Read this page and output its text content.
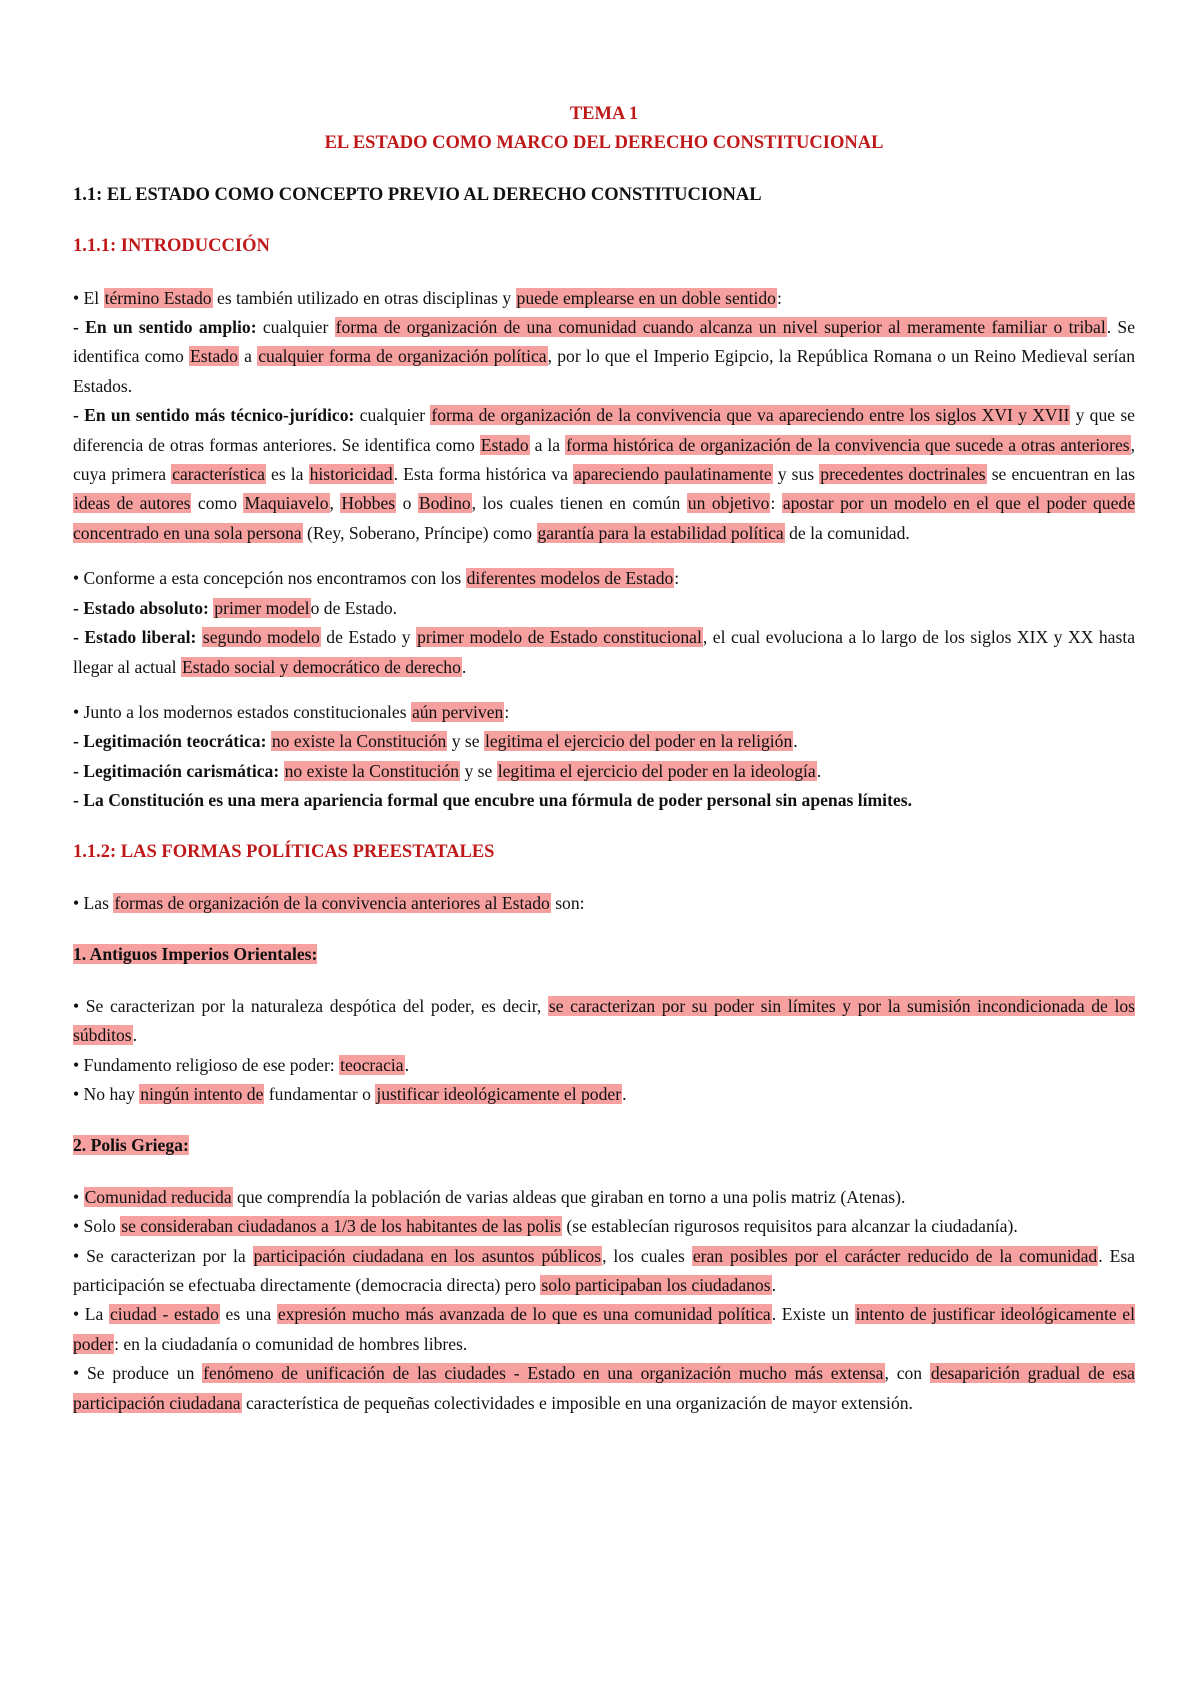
TEMA 1
EL ESTADO COMO MARCO DEL DERECHO CONSTITUCIONAL
1.1: EL ESTADO COMO CONCEPTO PREVIO AL DERECHO CONSTITUCIONAL
1.1.1: INTRODUCCIÓN

• El término Estado es también utilizado en otras disciplinas y puede emplearse en un doble sentido:

- En un sentido amplio: cualquier forma de organización de una comunidad cuando alcanza un nivel superior al meramente familiar o tribal. Se identifica como Estado a cualquier forma de organización política, por lo que el Imperio Egipcio, la República Romana o un Reino Medieval serían Estados.

- En un sentido más técnico-jurídico: cualquier forma de organización de la convivencia que va apareciendo entre los siglos XVI y XVII y que se diferencia de otras formas anteriores. Se identifica como Estado a la forma histórica de organización de la convivencia que sucede a otras anteriores, cuya primera característica es la historicidad. Esta forma histórica va apareciendo paulatinamente y sus precedentes doctrinales se encuentran en las ideas de autores como Maquiavelo, Hobbes o Bodino, los cuales tienen en común un objetivo: apostar por un modelo en el que el poder quede concentrado en una sola persona (Rey, Soberano, Príncipe) como garantía para la estabilidad política de la comunidad.

• Conforme a esta concepción nos encontramos con los diferentes modelos de Estado:

- Estado absoluto: primer modelo de Estado.

- Estado liberal: segundo modelo de Estado y primer modelo de Estado constitucional, el cual evoluciona a lo largo de los siglos XIX y XX hasta llegar al actual Estado social y democrático de derecho.

• Junto a los modernos estados constitucionales aún perviven:

- Legitimación teocrática: no existe la Constitución y se legitima el ejercicio del poder en la religión.

- Legitimación carismática: no existe la Constitución y se legitima el ejercicio del poder en la ideología.

- La Constitución es una mera apariencia formal que encubre una fórmula de poder personal sin apenas límites.

1.1.2: LAS FORMAS POLÍTICAS PREESTATALES

• Las formas de organización de la convivencia anteriores al Estado son:

1. Antiguos Imperios Orientales:

• Se caracterizan por la naturaleza despótica del poder, es decir, se caracterizan por su poder sin límites y por la sumisión incondicionada de los súbditos.

• Fundamento religioso de ese poder: teocracia.

• No hay ningún intento de fundamentar o justificar ideológicamente el poder.

2. Polis Griega:

• Comunidad reducida que comprendía la población de varias aldeas que giraban en torno a una polis matriz (Atenas).

• Solo se consideraban ciudadanos a 1/3 de los habitantes de las polis (se establecían rigurosos requisitos para alcanzar la ciudadanía).

• Se caracterizan por la participación ciudadana en los asuntos públicos, los cuales eran posibles por el carácter reducido de la comunidad. Esa participación se efectuaba directamente (democracia directa) pero solo participaban los ciudadanos.

• La ciudad - estado es una expresión mucho más avanzada de lo que es una comunidad política. Existe un intento de justificar ideológicamente el poder: en la ciudadanía o comunidad de hombres libres.

• Se produce un fenómeno de unificación de las ciudades - Estado en una organización mucho más extensa, con desaparición gradual de esa participación ciudadana característica de pequeñas colectividades e imposible en una organización de mayor extensión.
